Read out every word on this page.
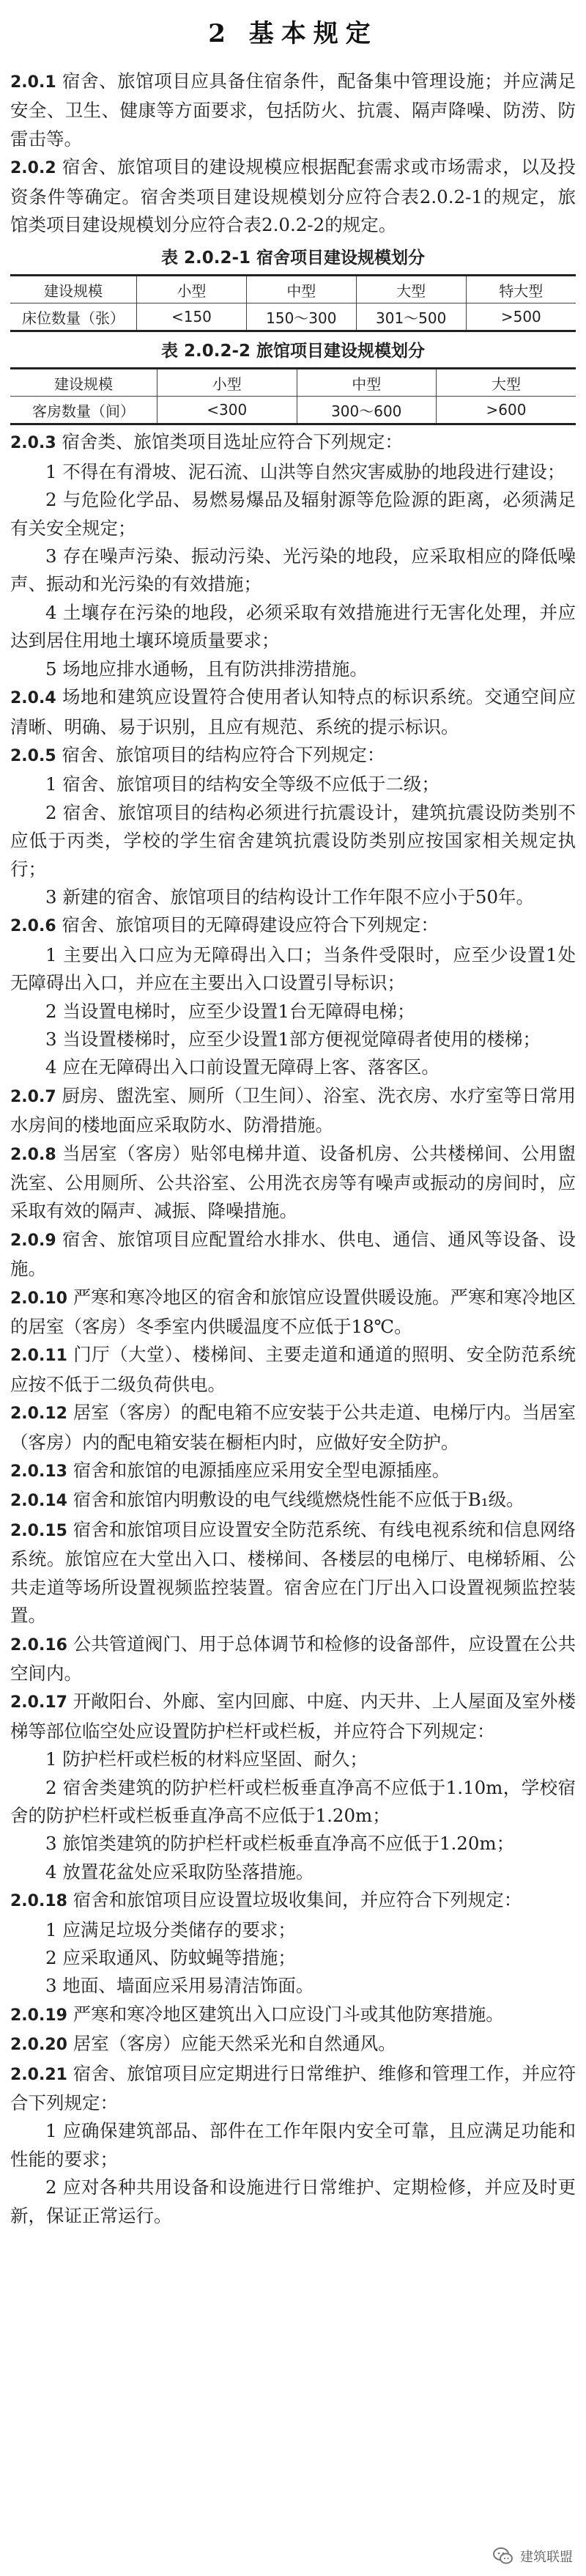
2 基本规定

2.0.1 宿舍、旅馆项目应具备住宿条件，配备集中管理设施；并应满足安全、卫生、健康等方面要求，包括防火、抗震、隔声降噪、防涝、防雷击等。

2.0.2 宿舍、旅馆项目的建设规模应根据配套需求或市场需求，以及投资条件等确定。宿舍类项目建设规模划分应符合表2.0.2-1的规定，旅馆类项目建设规模划分应符合表2.0.2-2的规定。

表 2.0.2-1 宿舍项目建设规模划分
建设规模	小型	中型	大型	特大型
床位数量（张）	<150	150～300	301～500	>500
表 2.0.2-2 旅馆项目建设规模划分
建设规模	小型	中型	大型
客房数量（间）	<300	300～600	>600

2.0.3 宿舍类、旅馆类项目选址应符合下列规定：

1 不得在有滑坡、泥石流、山洪等自然灾害威胁的地段进行建设；

2 与危险化学品、易燃易爆品及辐射源等危险源的距离，必须满足有关安全规定；

3 存在噪声污染、振动污染、光污染的地段，应采取相应的降低噪声、振动和光污染的有效措施；

4 土壤存在污染的地段，必须采取有效措施进行无害化处理，并应达到居住用地土壤环境质量要求；

5 场地应排水通畅，且有防洪排涝措施。

2.0.4 场地和建筑应设置符合使用者认知特点的标识系统。交通空间应清晰、明确、易于识别，且应有规范、系统的提示标识。

2.0.5 宿舍、旅馆项目的结构应符合下列规定：

1 宿舍、旅馆项目的结构安全等级不应低于二级；

2 宿舍、旅馆项目的结构必须进行抗震设计，建筑抗震设防类别不应低于丙类，学校的学生宿舍建筑抗震设防类别应按国家相关规定执行；

3 新建的宿舍、旅馆项目的结构设计工作年限不应小于50年。

2.0.6 宿舍、旅馆项目的无障碍建设应符合下列规定：

1 主要出入口应为无障碍出入口；当条件受限时，应至少设置1处无障碍出入口，并应在主要出入口设置引导标识；

2 当设置电梯时，应至少设置1台无障碍电梯；

3 当设置楼梯时，应至少设置1部方便视觉障碍者使用的楼梯；

4 应在无障碍出入口前设置无障碍上客、落客区。

2.0.7 厨房、盥洗室、厕所（卫生间）、浴室、洗衣房、水疗室等日常用水房间的楼地面应采取防水、防滑措施。

2.0.8 当居室（客房）贴邻电梯井道、设备机房、公共楼梯间、公用盥洗室、公用厕所、公共浴室、公用洗衣房等有噪声或振动的房间时，应采取有效的隔声、减振、降噪措施。

2.0.9 宿舍、旅馆项目应配置给水排水、供电、通信、通风等设备、设施。

2.0.10 严寒和寒冷地区的宿舍和旅馆应设置供暖设施。严寒和寒冷地区的居室（客房）冬季室内供暖温度不应低于18℃。

2.0.11 门厅（大堂）、楼梯间、主要走道和通道的照明、安全防范系统应按不低于二级负荷供电。

2.0.12 居室（客房）的配电箱不应安装于公共走道、电梯厅内。当居室（客房）内的配电箱安装在橱柜内时，应做好安全防护。

2.0.13 宿舍和旅馆的电源插座应采用安全型电源插座。

2.0.14 宿舍和旅馆内明敷设的电气线缆燃烧性能不应低于B₁级。

2.0.15 宿舍和旅馆项目应设置安全防范系统、有线电视系统和信息网络系统。旅馆应在大堂出入口、楼梯间、各楼层的电梯厅、电梯轿厢、公共走道等场所设置视频监控装置。宿舍应在门厅出入口设置视频监控装置。

2.0.16 公共管道阀门、用于总体调节和检修的设备部件，应设置在公共空间内。

2.0.17 开敞阳台、外廊、室内回廊、中庭、内天井、上人屋面及室外楼梯等部位临空处应设置防护栏杆或栏板，并应符合下列规定：

1 防护栏杆或栏板的材料应坚固、耐久；

2 宿舍类建筑的防护栏杆或栏板垂直净高不应低于1.10m，学校宿舍的防护栏杆或栏板垂直净高不应低于1.20m；

3 旅馆类建筑的防护栏杆或栏板垂直净高不应低于1.20m；

4 放置花盆处应采取防坠落措施。

2.0.18 宿舍和旅馆项目应设置垃圾收集间，并应符合下列规定：

1 应满足垃圾分类储存的要求；

2 应采取通风、防蚊蝇等措施；

3 地面、墙面应采用易清洁饰面。

2.0.19 严寒和寒冷地区建筑出入口应设门斗或其他防寒措施。

2.0.20 居室（客房）应能天然采光和自然通风。

2.0.21 宿舍、旅馆项目应定期进行日常维护、维修和管理工作，并应符合下列规定：

1 应确保建筑部品、部件在工作年限内安全可靠，且应满足功能和性能的要求；

2 应对各种共用设备和设施进行日常维护、定期检修，并应及时更新，保证正常运行。

建筑联盟
